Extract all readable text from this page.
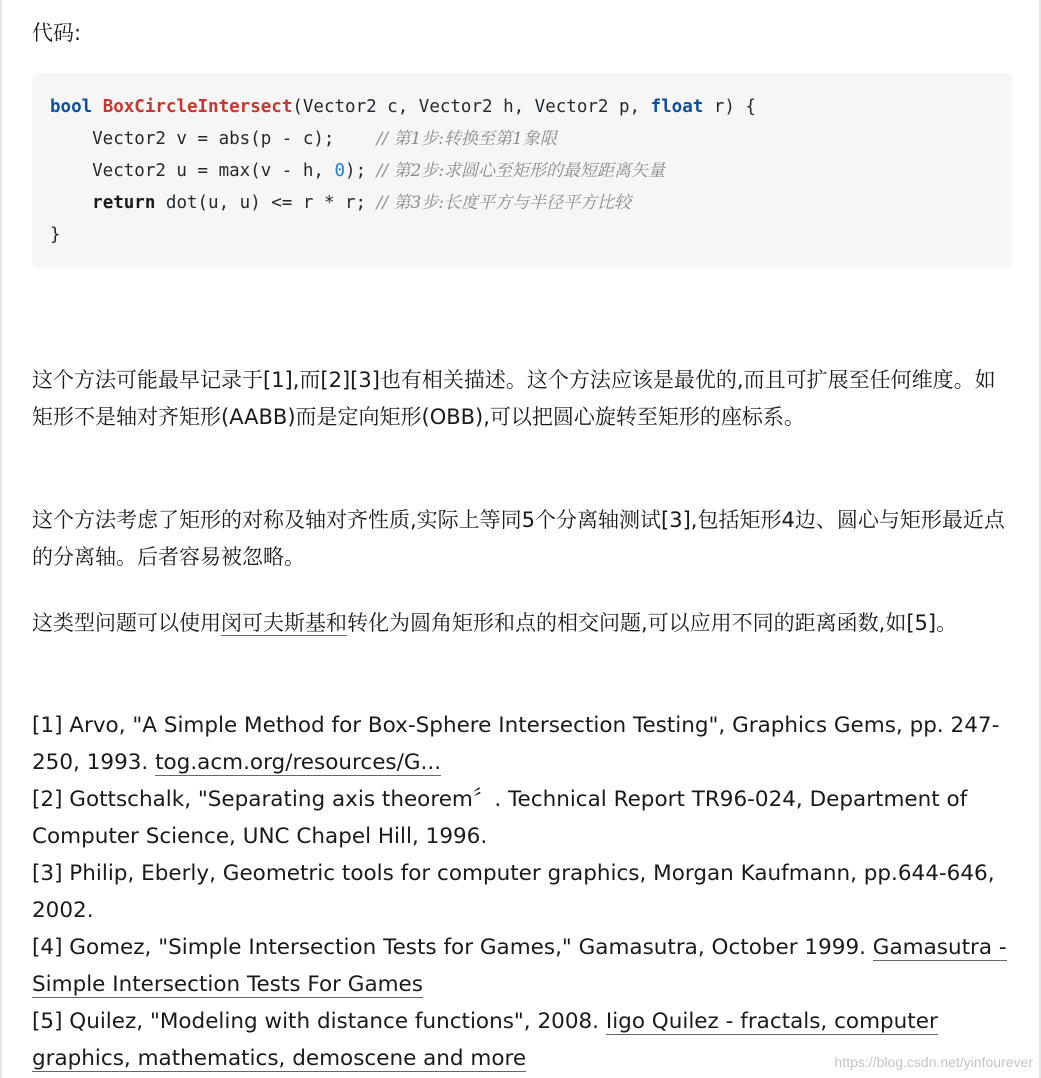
代码:
bool BoxCircleIntersect(Vector2 c, Vector2 h, Vector2 p, float r) {
Vector2 v = abs(p - c);    // 第1步:转换至第1象限
Vector2 u = max(v - h, 0); // 第2步:求圆心至矩形的最短距离矢量
return dot(u, u) <= r * r; // 第3步:长度平方与半径平方比较
}

这个方法可能最早记录于[1],而[2][3]也有相关描述。这个方法应该是最优的,而且可扩展至任何维度。如矩形不是轴对齐矩形(AABB)而是定向矩形(OBB),可以把圆心旋转至矩形的座标系。

这个方法考虑了矩形的对称及轴对齐性质,实际上等同5个分离轴测试[3],包括矩形4边、圆心与矩形最近点的分离轴。后者容易被忽略。

这类型问题可以使用闵可夫斯基和转化为圆角矩形和点的相交问题,可以应用不同的距离函数,如[5]。

[1] Arvo, "A Simple Method for Box-Sphere Intersection Testing", Graphics Gems, pp. 247-250, 1993. tog.acm.org/resources/G...
[2] Gottschalk, "Separating axis theorem〞. Technical Report TR96-024, Department of Computer Science, UNC Chapel Hill, 1996.
[3] Philip, Eberly, Geometric tools for computer graphics, Morgan Kaufmann, pp.644-646, 2002.
[4] Gomez, "Simple Intersection Tests for Games," Gamasutra, October 1999. Gamasutra - Simple Intersection Tests For Games
[5] Quilez, "Modeling with distance functions", 2008. Iigo Quilez - fractals, computer graphics, mathematics, demoscene and more	https://blog.csdn.net/yinfourever
